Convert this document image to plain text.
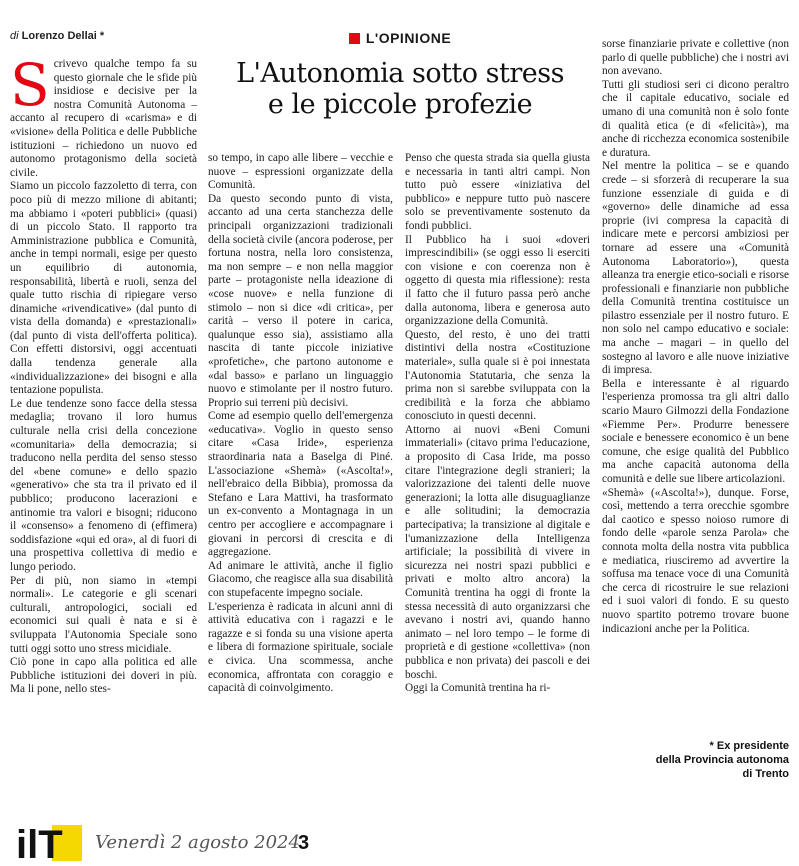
di Lorenzo Dellai *	L'OPINIONE
L'Autonomia sotto stress
e le piccole profezie

Scrivevo qualche tempo fa su questo giornale che le sfide più insidiose e decisive per la nostra Comunità Autonoma – accanto al recupero di «carisma» e di «visione» della Politica e delle Pubbliche istituzioni – richiedono un nuovo ed autonomo protagonismo della società civile.

Siamo un piccolo fazzoletto di terra, con poco più di mezzo milione di abitanti; ma abbiamo i «poteri pubblici» (quasi) di un piccolo Stato. Il rapporto tra Amministrazione pubblica e Comunità, anche in tempi normali, esige per questo un equilibrio di autonomia, responsabilità, libertà e ruoli, senza del quale tutto rischia di ripiegare verso dinamiche «rivendicative» (dal punto di vista della domanda) e «prestazionali» (dal punto di vista dell'offerta politica). Con effetti distorsivi, oggi accentuati dalla tendenza generale alla «individualizzazione» dei bisogni e alla tentazione populista.

Le due tendenze sono facce della stessa medaglia; trovano il loro humus culturale nella crisi della concezione «comunitaria» della democrazia; si traducono nella perdita del senso stesso del «bene comune» e dello spazio «generativo» che sta tra il privato ed il pubblico; producono lacerazioni e antinomie tra valori e bisogni; riducono il «consenso» a fenomeno di (effimera) soddisfazione «qui ed ora», al di fuori di una prospettiva collettiva di medio e lungo periodo.

Per di più, non siamo in «tempi normali». Le categorie e gli scenari culturali, antropologici, sociali ed economici sui quali è nata e si è sviluppata l'Autonomia Speciale sono tutti oggi sotto uno stress micidiale.

Ciò pone in capo alla politica ed alle Pubbliche istituzioni dei doveri in più. Ma li pone, nello stes-

so tempo, in capo alle libere – vecchie e nuove – espressioni organizzate della Comunità.

Da questo secondo punto di vista, accanto ad una certa stanchezza delle principali organizzazioni tradizionali della società civile (ancora poderose, per fortuna nostra, nella loro consistenza, ma non sempre – e non nella maggior parte – protagoniste nella ideazione di «cose nuove» e nella funzione di stimolo – non si dice «di critica», per carità – verso il potere in carica, qualunque esso sia), assistiamo alla nascita di tante piccole iniziative «profetiche», che partono autonome e «dal basso» e parlano un linguaggio nuovo e stimolante per il nostro futuro. Proprio sui terreni più decisivi.

Come ad esempio quello dell'emergenza «educativa». Voglio in questo senso citare «Casa Iride», esperienza straordinaria nata a Baselga di Piné. L'associazione «Shemà» («Ascolta!», nell'ebraico della Bibbia), promossa da Stefano e Lara Mattivi, ha trasformato un ex-convento a Montagnaga in un centro per accogliere e accompagnare i giovani in percorsi di crescita e di aggregazione.

Ad animare le attività, anche il figlio Giacomo, che reagisce alla sua disabilità con stupefacente impegno sociale.

L'esperienza è radicata in alcuni anni di attività educativa con i ragazzi e le ragazze e si fonda su una visione aperta e libera di formazione spirituale, sociale e civica. Una scommessa, anche economica, affrontata con coraggio e capacità di coinvolgimento.

Penso che questa strada sia quella giusta e necessaria in tanti altri campi. Non tutto può essere «iniziativa del pubblico» e neppure tutto può nascere solo se preventivamente sostenuto da fondi pubblici.

Il Pubblico ha i suoi «doveri imprescindibili» (se oggi esso li eserciti con visione e con coerenza non è oggetto di questa mia riflessione): resta il fatto che il futuro passa però anche dalla autonoma, libera e generosa auto organizzazione della Comunità.

Questo, del resto, è uno dei tratti distintivi della nostra «Costituzione materiale», sulla quale si è poi innestata l'Autonomia Statutaria, che senza la prima non si sarebbe sviluppata con la credibilità e la forza che abbiamo conosciuto in questi decenni.

Attorno ai nuovi «Beni Comuni immateriali» (citavo prima l'educazione, a proposito di Casa Iride, ma posso citare l'integrazione degli stranieri; la valorizzazione dei talenti delle nuove generazioni; la lotta alle disuguaglianze e alle solitudini; la democrazia partecipativa; la transizione al digitale e l'umanizzazione della Intelligenza artificiale; la possibilità di vivere in sicurezza nei nostri spazi pubblici e privati e molto altro ancora) la Comunità trentina ha oggi di fronte la stessa necessità di auto organizzarsi che avevano i nostri avi, quando hanno animato – nel loro tempo – le forme di proprietà e di gestione «collettiva» (non pubblica e non privata) dei pascoli e dei boschi.

Oggi la Comunità trentina ha ri-

sorse finanziarie private e collettive (non parlo di quelle pubbliche) che i nostri avi non avevano.

Tutti gli studiosi seri ci dicono peraltro che il capitale educativo, sociale ed umano di una comunità non è solo fonte di qualità etica (e di «felicità»), ma anche di ricchezza economica sostenibile e duratura.

Nel mentre la politica – se e quando crede – si sforzerà di recuperare la sua funzione essenziale di guida e di «governo» delle dinamiche ad essa proprie (ivi compresa la capacità di indicare mete e percorsi ambiziosi per tornare ad essere una «Comunità Autonoma Laboratorio»), questa alleanza tra energie etico-sociali e risorse professionali e finanziarie non pubbliche della Comunità trentina costituisce un pilastro essenziale per il nostro futuro. E non solo nel campo educativo e sociale: ma anche – magari – in quello del sostegno al lavoro e alle nuove iniziative di impresa.

Bella e interessante è al riguardo l'esperienza promossa tra gli altri dallo scario Mauro Gilmozzi della Fondazione «Fiemme Per». Produrre benessere sociale e benessere economico è un bene comune, che esige qualità del Pubblico ma anche capacità autonoma della comunità e delle sue libere articolazioni.

«Shemà» («Ascolta!»), dunque. Forse, così, mettendo a terra orecchie sgombre dal caotico e spesso noioso rumore di fondo delle «parole senza Parola» che connota molta della nostra vita pubblica e mediatica, riusciremo ad avvertire la soffusa ma tenace voce di una Comunità che cerca di ricostruire le sue relazioni ed i suoi valori di fondo. E su questo nuovo spartito potremo trovare buone indicazioni anche per la Politica.

* Ex presidente
della Provincia autonoma
di Trento
ilT Venerdì 2 agosto 2024
3
